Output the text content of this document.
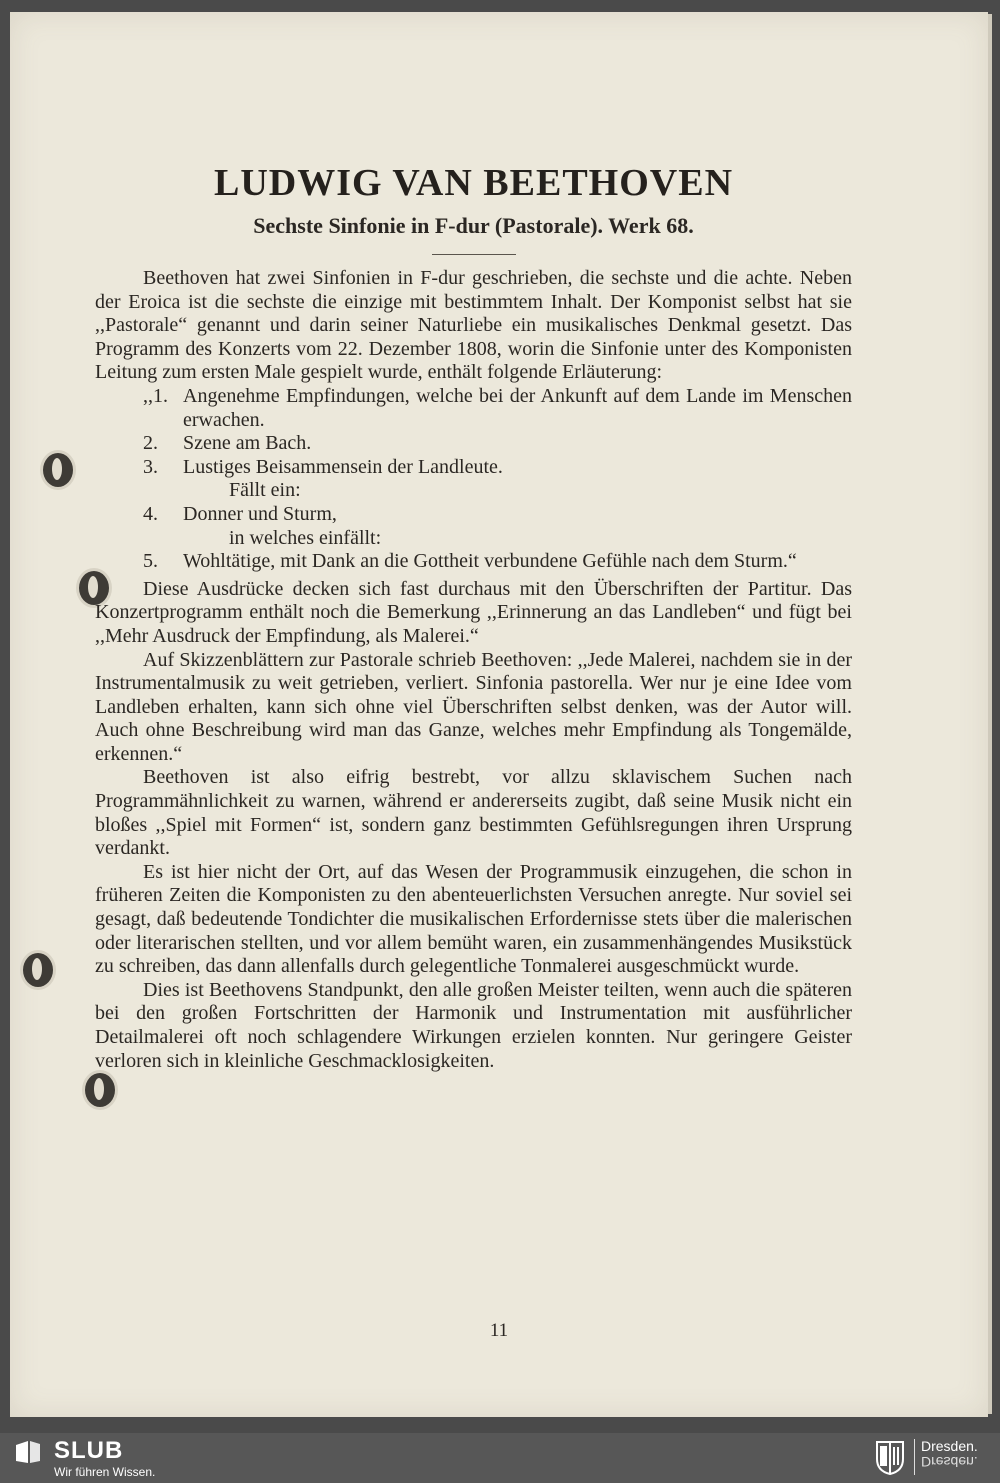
11
LUDWIG VAN BEETHOVEN
Sechste Sinfonie in F-dur (Pastorale). Werk 68.

Beethoven hat zwei Sinfonien in F-dur geschrieben, die sechste und die achte. Neben der Eroica ist die sechste die einzige mit bestimmtem Inhalt. Der Komponist selbst hat sie ,,Pastorale“ genannt und darin seiner Naturliebe ein musikalisches Denkmal gesetzt. Das Programm des Konzerts vom 22. Dezember 1808, worin die Sinfonie unter des Komponisten Leitung zum ersten Male gespielt wurde, enthält folgende Erläuterung:

,,1. Angenehme Empfindungen, welche bei der Ankunft auf dem Lande im Menschen erwachen.
2.	Szene am Bach.
3.	Lustiges Beisammensein der Landleute.
Fällt ein:
4.	Donner und Sturm,
in welches einfällt:
5.	Wohltätige, mit Dank an die Gottheit verbundene Gefühle nach dem Sturm.“

Diese Ausdrücke decken sich fast durchaus mit den Überschriften der Partitur. Das Konzertprogramm enthält noch die Bemerkung ,,Erinnerung an das Landleben“ und fügt bei ,,Mehr Ausdruck der Empfindung, als Malerei.“

Auf Skizzenblättern zur Pastorale schrieb Beethoven: ,,Jede Malerei, nachdem sie in der Instrumentalmusik zu weit getrieben, verliert. Sinfonia pastorella. Wer nur je eine Idee vom Landleben erhalten, kann sich ohne viel Überschriften selbst denken, was der Autor will. Auch ohne Beschreibung wird man das Ganze, welches mehr Empfindung als Tongemälde, erkennen.“

Beethoven ist also eifrig bestrebt, vor allzu sklavischem Suchen nach Programmähnlichkeit zu warnen, während er andererseits zugibt, daß seine Musik nicht ein bloßes ,,Spiel mit Formen“ ist, sondern ganz bestimmten Gefühlsregungen ihren Ursprung verdankt.

Es ist hier nicht der Ort, auf das Wesen der Programmusik einzugehen, die schon in früheren Zeiten die Komponisten zu den abenteuerlichsten Versuchen anregte. Nur soviel sei gesagt, daß bedeutende Tondichter die musikalischen Erfordernisse stets über die malerischen oder literarischen stellten, und vor allem bemüht waren, ein zusammenhängendes Musikstück zu schreiben, das dann allenfalls durch gelegentliche Tonmalerei ausgeschmückt wurde.

Dies ist Beethovens Standpunkt, den alle großen Meister teilten, wenn auch die späteren bei den großen Fortschritten der Harmonik und Instrumentation mit ausführlicher Detailmalerei oft noch schlagendere Wirkungen erzielen konnten. Nur geringere Geister verloren sich in kleinliche Geschmacklosigkeiten.

SLUB
Wir führen Wissen.
Dresden.
Dresden.
